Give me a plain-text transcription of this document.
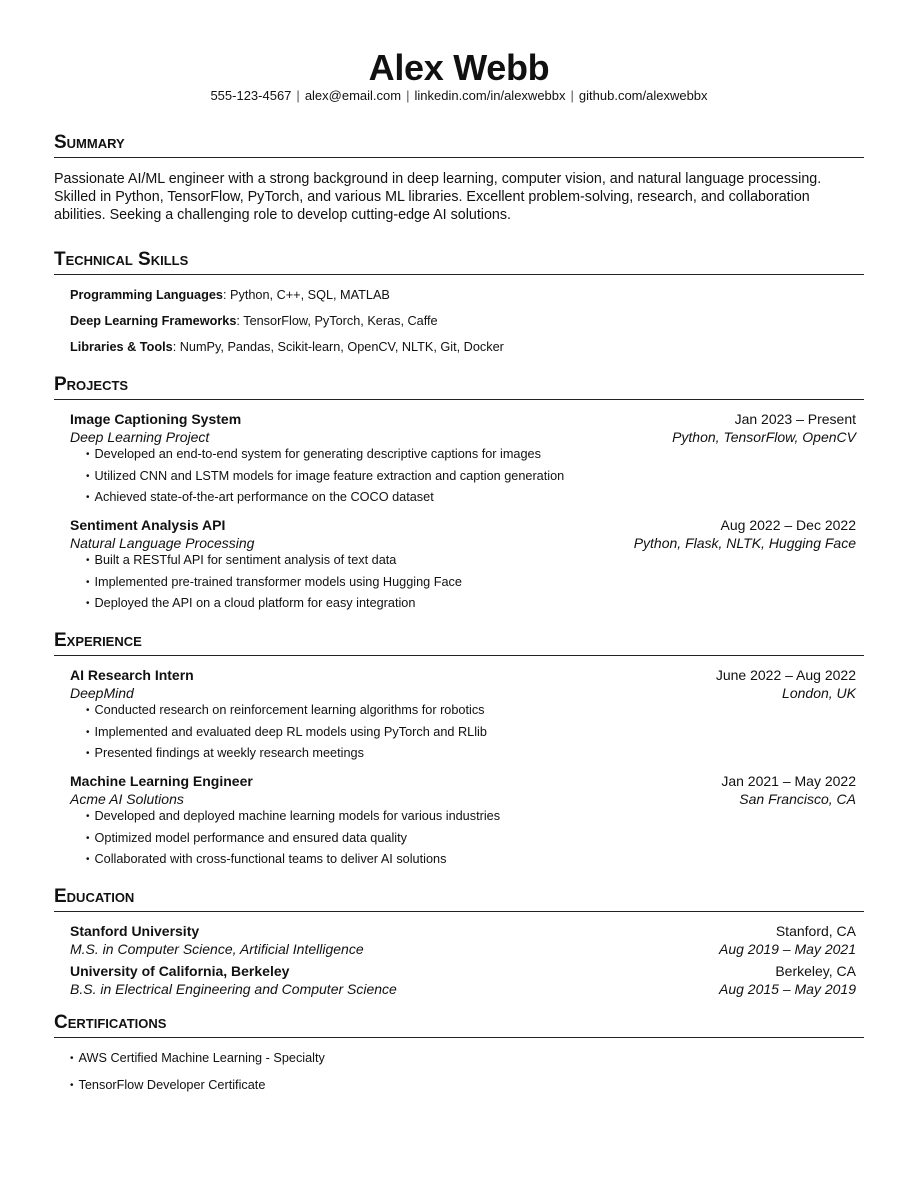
Alex Webb
555-123-4567 | alex@email.com | linkedin.com/in/alexwebbx | github.com/alexwebbx
Summary
Passionate AI/ML engineer with a strong background in deep learning, computer vision, and natural language processing. Skilled in Python, TensorFlow, PyTorch, and various ML libraries. Excellent problem-solving, research, and collaboration abilities. Seeking a challenging role to develop cutting-edge AI solutions.
Technical Skills
Programming Languages: Python, C++, SQL, MATLAB
Deep Learning Frameworks: TensorFlow, PyTorch, Keras, Caffe
Libraries & Tools: NumPy, Pandas, Scikit-learn, OpenCV, NLTK, Git, Docker
Projects
Image Captioning System	Jan 2023 – Present
Deep Learning Project	Python, TensorFlow, OpenCV
• Developed an end-to-end system for generating descriptive captions for images
• Utilized CNN and LSTM models for image feature extraction and caption generation
• Achieved state-of-the-art performance on the COCO dataset
Sentiment Analysis API	Aug 2022 – Dec 2022
Natural Language Processing	Python, Flask, NLTK, Hugging Face
• Built a RESTful API for sentiment analysis of text data
• Implemented pre-trained transformer models using Hugging Face
• Deployed the API on a cloud platform for easy integration
Experience
AI Research Intern	June 2022 – Aug 2022
DeepMind	London, UK
• Conducted research on reinforcement learning algorithms for robotics
• Implemented and evaluated deep RL models using PyTorch and RLlib
• Presented findings at weekly research meetings
Machine Learning Engineer	Jan 2021 – May 2022
Acme AI Solutions	San Francisco, CA
• Developed and deployed machine learning models for various industries
• Optimized model performance and ensured data quality
• Collaborated with cross-functional teams to deliver AI solutions
Education
Stanford University	Stanford, CA
M.S. in Computer Science, Artificial Intelligence	Aug 2019 – May 2021
University of California, Berkeley	Berkeley, CA
B.S. in Electrical Engineering and Computer Science	Aug 2015 – May 2019
Certifications
• AWS Certified Machine Learning - Specialty
• TensorFlow Developer Certificate
